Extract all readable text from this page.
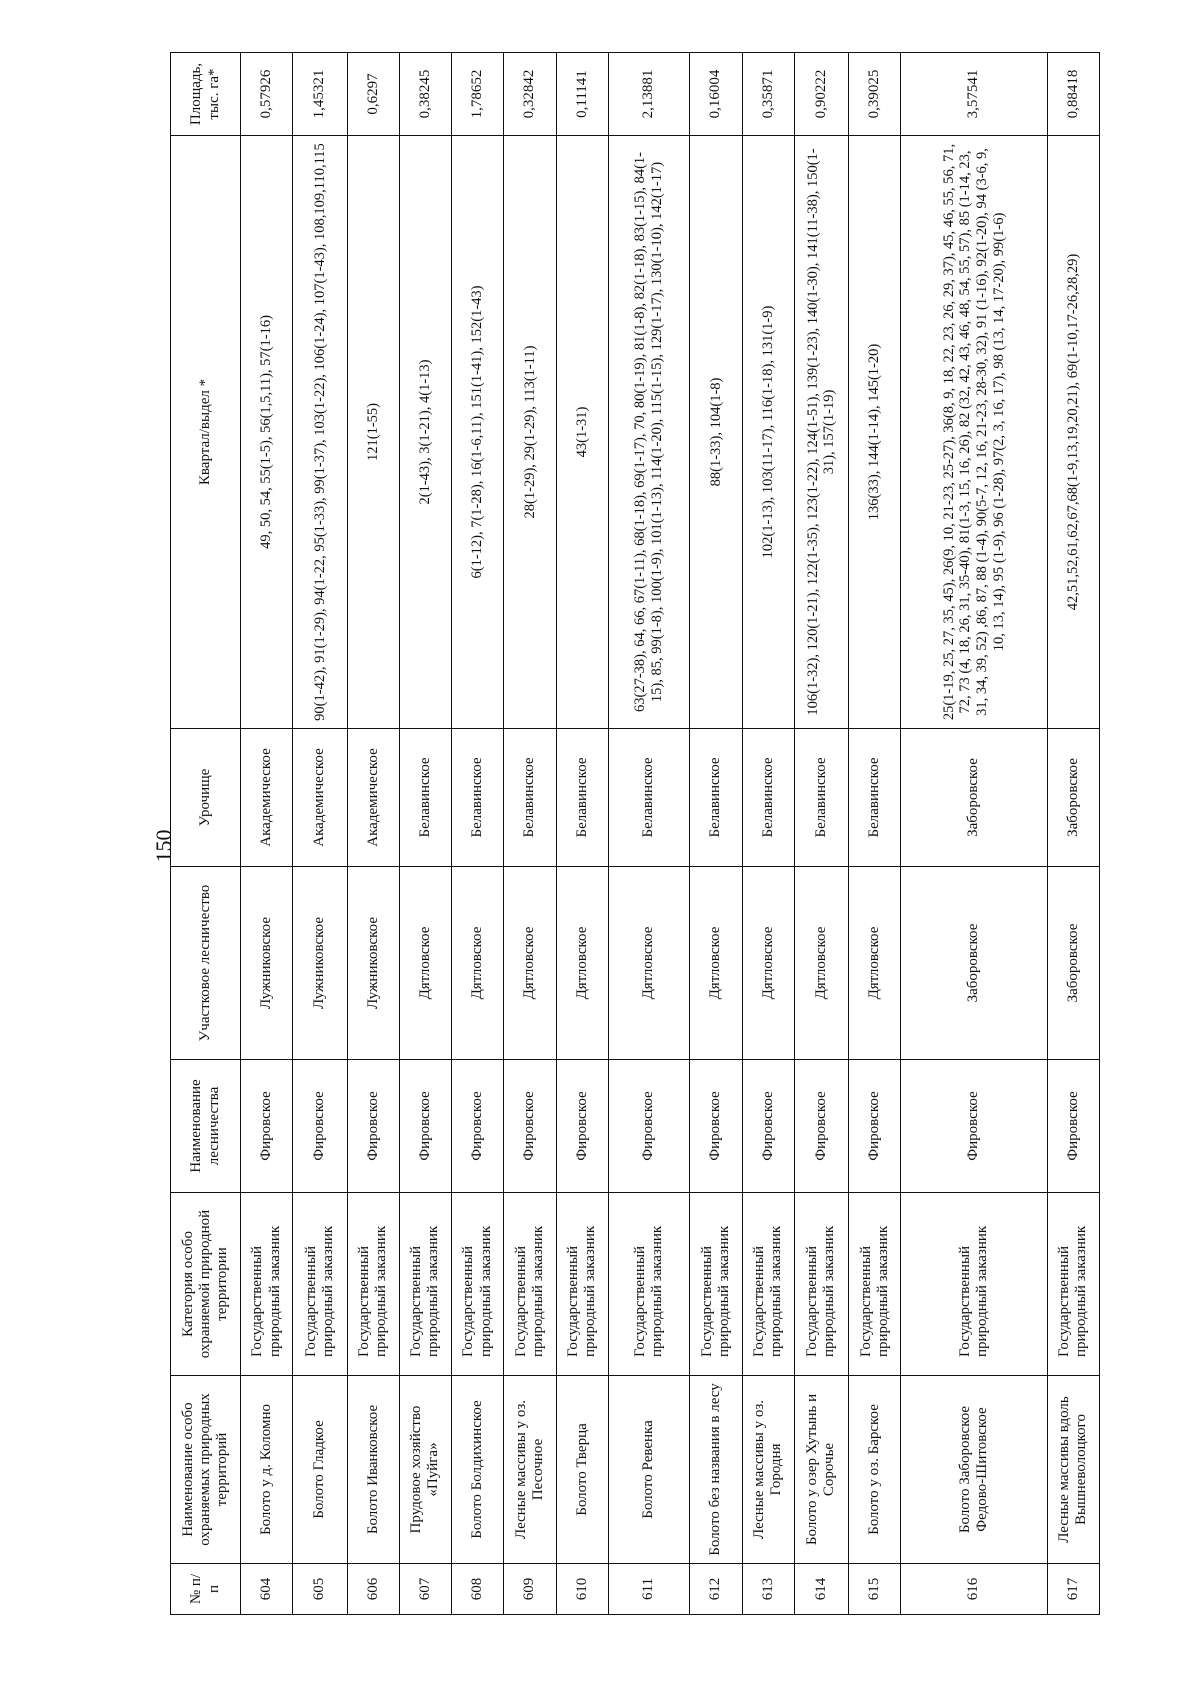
150
№ п/п	Наименование особо охраняемых природных территорий	Категория особо охраняемой природной территории	Наименование лесничества	Участковое лесничество	Урочище	Квартал/выдел *	Площадь, тыс. га*
604	Болото у д. Коломно	Государственный природный заказник	Фировское	Лужниковское	Академическое	49, 50, 54, 55(1-5), 56(1,5,11), 57(1-16)	0,57926
605	Болото Гладкое	Государственный природный заказник	Фировское	Лужниковское	Академическое	90(1-42), 91(1-29), 94(1-22, 95(1-33), 99(1-37), 103(1-22), 106(1-24), 107(1-43), 108,109,110,115	1,45321
606	Болото Иванковское	Государственный природный заказник	Фировское	Лужниковское	Академическое	121(1-55)	0,6297
607	Прудовое хозяйство «Пуйга»	Государственный природный заказник	Фировское	Дятловское	Белавинское	2(1-43), 3(1-21), 4(1-13)	0,38245
608	Болото Болдихинское	Государственный природный заказник	Фировское	Дятловское	Белавинское	6(1-12), 7(1-28), 16(1-6,11), 151(1-41), 152(1-43)	1,78652
609	Лесные массивы у оз. Песочное	Государственный природный заказник	Фировское	Дятловское	Белавинское	28(1-29), 29(1-29), 113(1-11)	0,32842
610	Болото Тверца	Государственный природный заказник	Фировское	Дятловское	Белавинское	43(1-31)	0,11141
611	Болото Ревенка	Государственный природный заказник	Фировское	Дятловское	Белавинское	63(27-38), 64, 66, 67(1-11), 68(1-18), 69(1-17), 70, 80(1-19), 81(1-8), 82(1-18), 83(1-15), 84(1-15), 85, 99(1-8), 100(1-9), 101(1-13), 114(1-20), 115(1-15), 129(1-17), 130(1-10), 142(1-17)	2,13881
612	Болото без названия в лесу	Государственный природный заказник	Фировское	Дятловское	Белавинское	88(1-33), 104(1-8)	0,16004
613	Лесные массивы у оз. Городня	Государственный природный заказник	Фировское	Дятловское	Белавинское	102(1-13), 103(11-17), 116(1-18), 131(1-9)	0,35871
614	Болото у озер Хутынь и Сорочье	Государственный природный заказник	Фировское	Дятловское	Белавинское	106(1-32), 120(1-21), 122(1-35), 123(1-22), 124(1-51), 139(1-23), 140(1-30), 141(11-38), 150(1-31), 157(1-19)	0,90222
615	Болото у оз. Барское	Государственный природный заказник	Фировское	Дятловское	Белавинское	136(33), 144(1-14), 145(1-20)	0,39025
616	Болото Заборовское Федово-Шитовское	Государственный природный заказник	Фировское	Заборовское	Заборовское	25(1-19, 25, 27, 35, 45), 26(9, 10, 21-23, 25-27), 36(8, 9, 18, 22, 23, 26, 29, 37), 45, 46, 55, 56, 71, 72, 73 (4, 18, 26, 31, 35-40), 81(1-3, 15, 16, 26), 82 (32, 42, 43, 46, 48, 54, 55, 57), 85 (1-14, 23, 31, 34, 39, 52) ,86, 87, 88 (1-4), 90(5-7, 12, 16, 21-23, 28-30, 32), 91 (1-16), 92(1-20), 94 (3-6, 9, 10, 13, 14), 95 (1-9), 96 (1-28), 97(2, 3, 16, 17), 98 (13, 14, 17-20), 99(1-6)	3,57541
617	Лесные массивы вдоль Вышневолоцкого	Государственный природный заказник	Фировское	Заборовское	Заборовское	42,51,52,61,62,67,68(1-9,13,19,20,21), 69(1-10,17-26,28,29)	0,88418
